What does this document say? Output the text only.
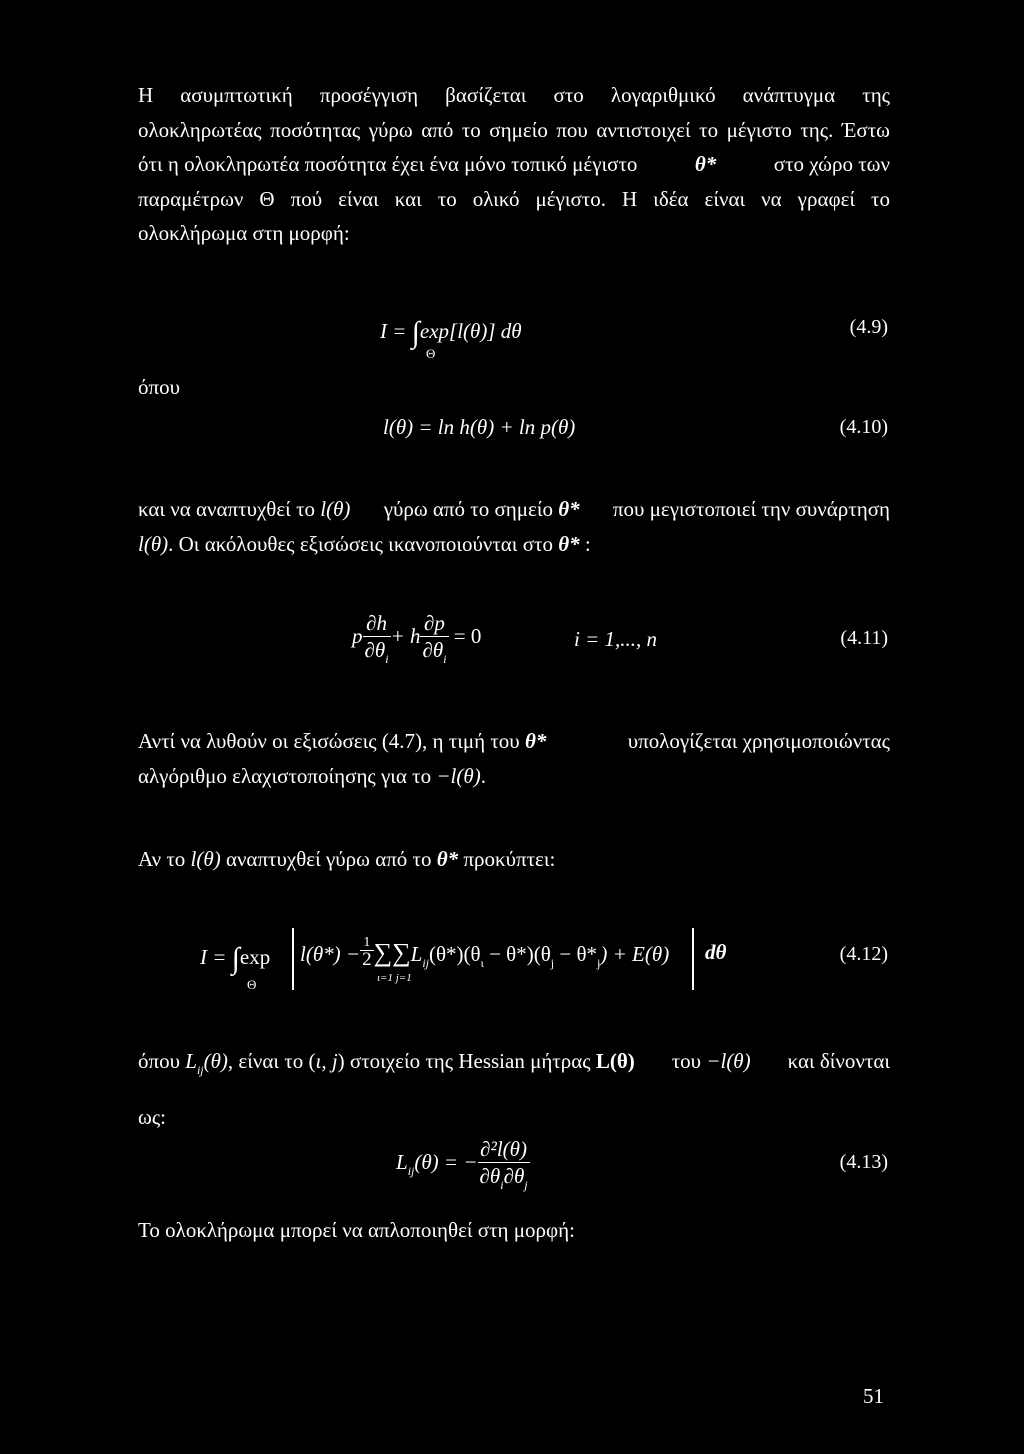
Η ασυμπτωτική προσέγγιση βασίζεται στο λογαριθμικό ανάπτυγμα της
ολοκληρωτέας ποσότητας γύρω από το σημείο που αντιστοιχεί το μέγιστο της. Έστω
ότι η ολοκληρωτέα ποσότητα έχει ένα μόνο τοπικό μέγιστο	θ*	στο χώρο των
παραμέτρων Θ πού είναι και το ολικό μέγιστο. Η ιδέα είναι να γραφεί το
ολοκλήρωμα στη μορφή:
I = ∫exp[l(θ)] dθ
Θ
(4.9)
όπου
l(θ) = ln h(θ) + ln p(θ)	(4.10)
και να αναπτυχθεί το l(θ) γύρω από το σημείο θ* που μεγιστοποιεί την συνάρτηση
l(θ). Οι ακόλουθες εξισώσεις ικανοποιούνται στο θ* :
p $\frac{\partial h}{\partial\theta_i} + h \frac{\partial p}{\partial\theta_i} = 0$	i = 1,..., n	(4.11)
Αντί να λυθούν οι εξισώσεις (4.7), η τιμή του θ*	υπολογίζεται χρησιμοποιώντας
αλγόριθμο ελαχιστοποίησης για το −l(θ).
Αν το l(θ) αναπτυχθεί γύρω από το θ* προκύπτει:
I = ∫exp
Θ
$l(\theta*) - \frac{1}{2} \sum\sum L_{ij}(\theta*)(\theta_\iota - \theta*)(\theta_j - \theta*_j) + E(\theta)$
ι=1 j=1
dθ	(4.12)
όπου $L_{ij}(\theta)$, είναι το (ι, j) στοιχείο της Hessian μήτρας L(θ) του −l(θ) και δίνονται
ως:
$L_{ij}(\theta)$ = − $\frac{\text{∂²l(θ)}}{\partial\theta_i\partial\theta_j}$	(4.13)
Το ολοκλήρωμα μπορεί να απλοποιηθεί στη μορφή:
51
